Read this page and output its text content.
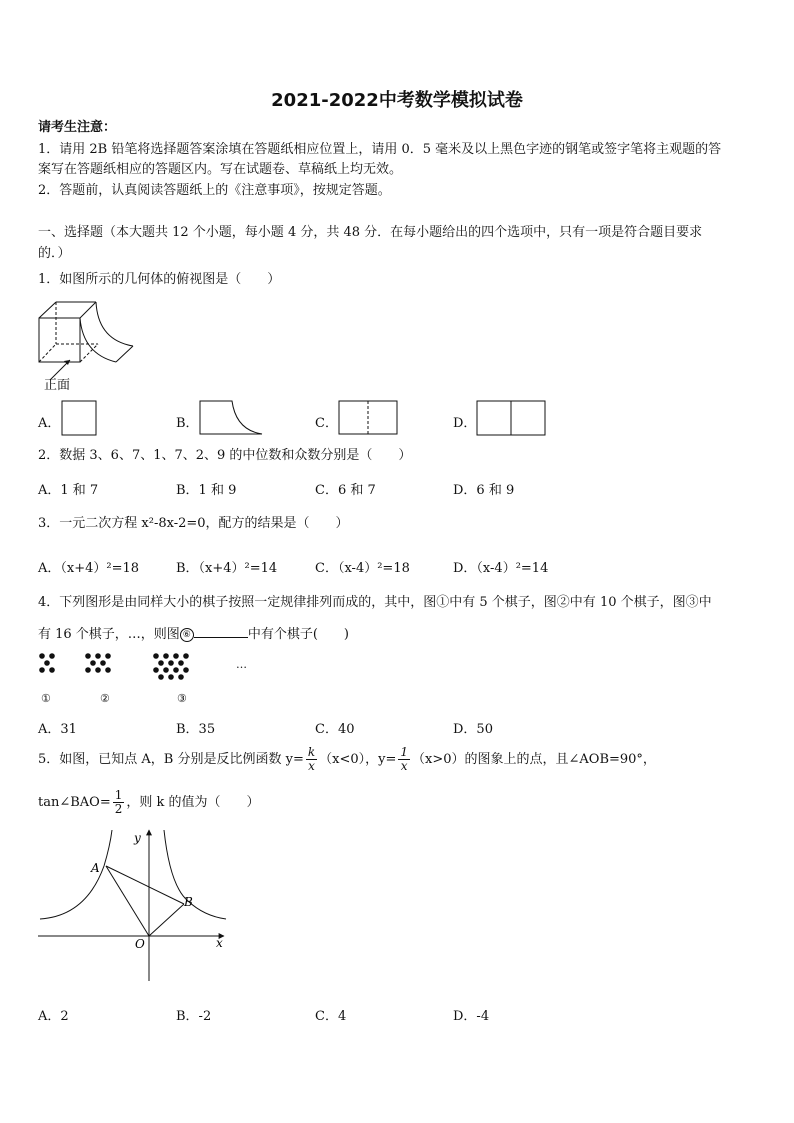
2021-2022中考数学模拟试卷
请考生注意：
1．请用 2B 铅笔将选择题答案涂填在答题纸相应位置上，请用 0．5 毫米及以上黑色字迹的钢笔或签字笔将主观题的答
案写在答题纸相应的答题区内。写在试题卷、草稿纸上均无效。
2．答题前，认真阅读答题纸上的《注意事项》，按规定答题。
一、选择题（本大题共 12 个小题，每小题 4 分，共 48 分．在每小题给出的四个选项中，只有一项是符合题目要求
的．）
1．如图所示的几何体的俯视图是（　　）
正面
A．	B．	C．	D．
2．数据 3、6、7、1、7、2、9 的中位数和众数分别是（　　）
A．1 和 7	B．1 和 9	C．6 和 7	D．6 和 9
3．一元二次方程 x²-8x-2=0，配方的结果是（　　）
A．（x+4）²=18	B．（x+4）²=14	C．（x-4）²=18	D．（x-4）²=14
4．下列图形是由同样大小的棋子按照一定规律排列而成的，其中，图①中有 5 个棋子，图②中有 10 个棋子，图③中
有 16 个棋子，…，则图 ⑥	中有个棋子(　　)
…
①	②	③
A．31	B．35	C．40	D．50
5．如图，已知点 A，B 分别是反比例函数 $y= \frac{k}{x} (x<0)$，$y= \frac{1}{x} (x>0)$的图象上的点，且∠AOB=90°，
tan∠BAO= $\frac{1}{2}$ ，则 k 的值为（　　）
y
x
A
B
O
A．2	B．-2	C．4	D．-4
